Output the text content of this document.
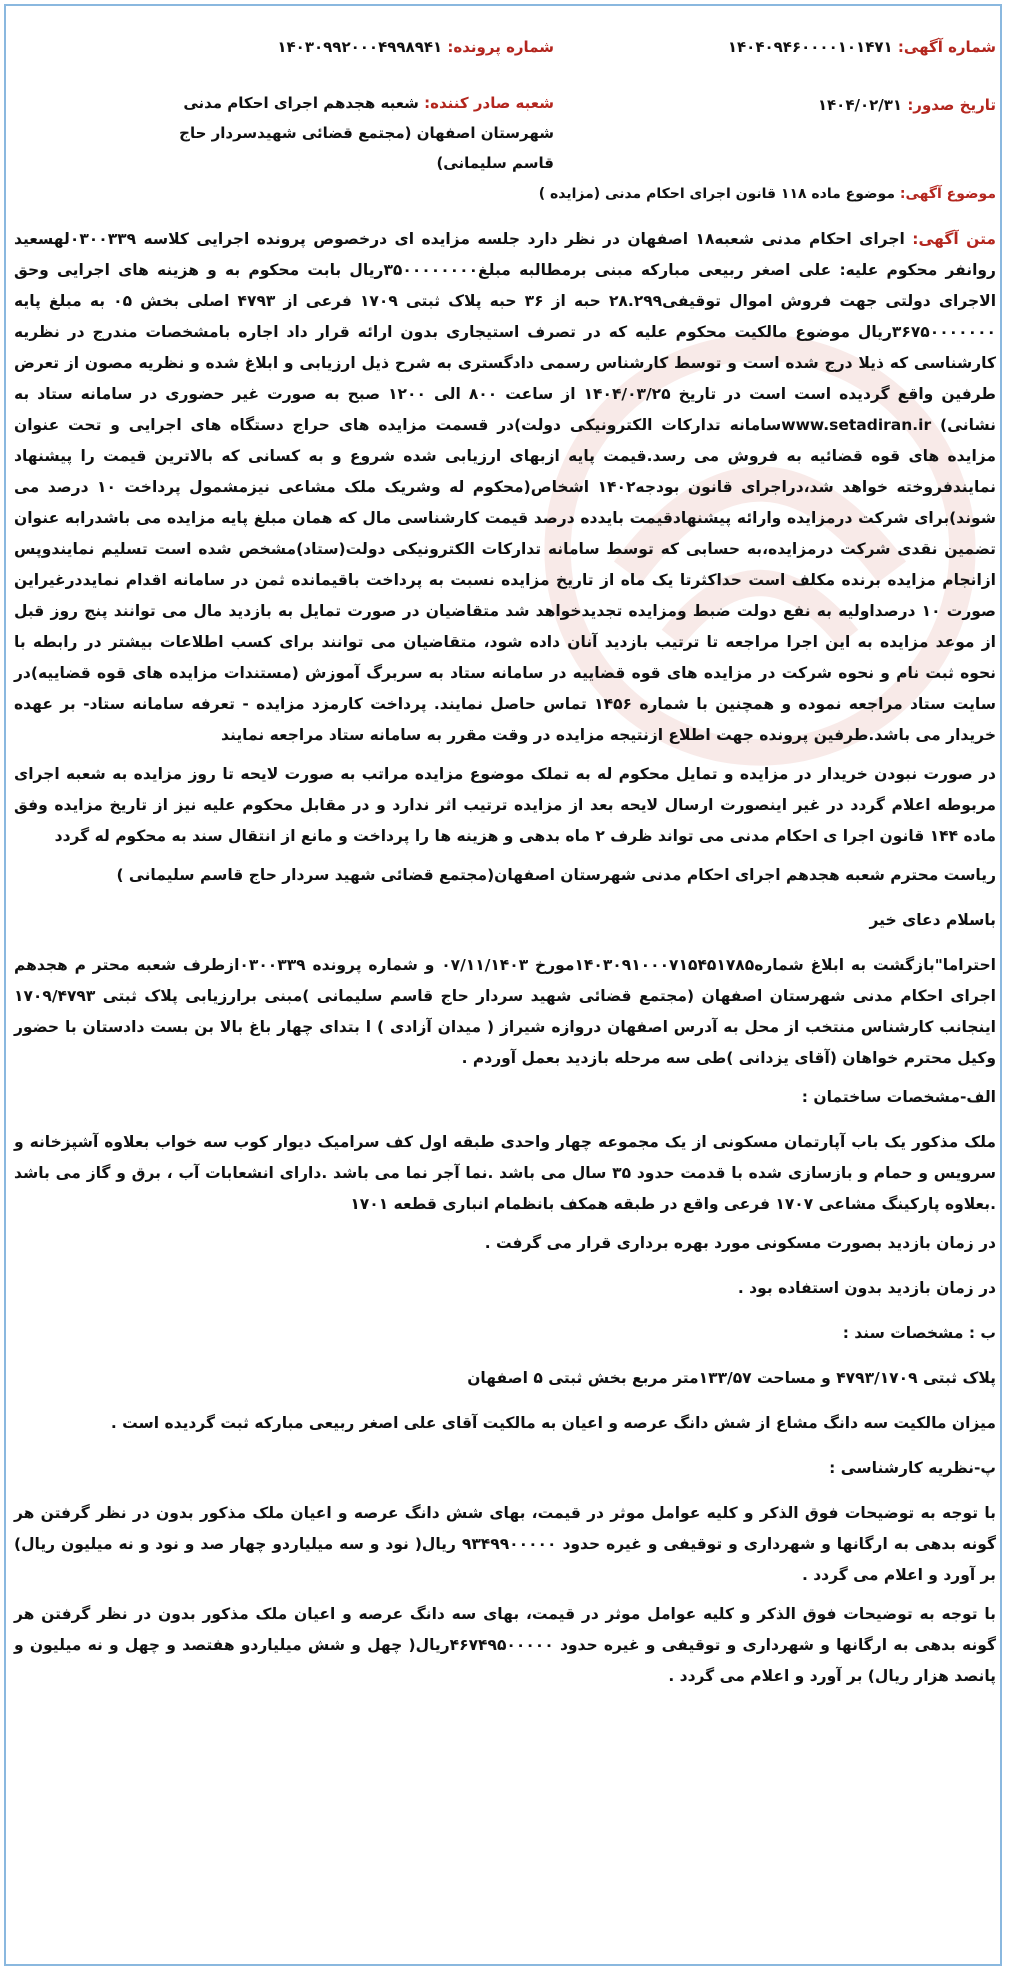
شماره آگهی: ۱۴۰۴۰۹۴۶۰۰۰۰۱۰۱۴۷۱
شماره پرونده: ۱۴۰۳۰۹۹۲۰۰۰۴۹۹۸۹۴۱
تاریخ صدور: ۱۴۰۴/۰۲/۳۱
شعبه صادر کننده: شعبه هجدهم اجرای احکام مدنی شهرستان اصفهان (مجتمع قضائی شهیدسردار حاج قاسم سلیمانی)
موضوع آگهی: موضوع ماده ۱۱۸ قانون اجرای احکام مدنی (مزایده )

متن آگهی: اجرای احکام مدنی شعبه۱۸ اصفهان در نظر دارد جلسه مزایده ای درخصوص پرونده اجرایی کلاسه ۰۳۰۰۳۳۹لهسعید روانفر محکوم علیه: علی اصغر ربیعی مبارکه مبنی برمطالبه مبلغ۳۵۰۰۰۰۰۰۰۰ریال بابت محکوم به و هزینه های اجرایی وحق الاجرای دولتی جهت فروش اموال توقیفی۲۸.۲۹۹ حبه از ۳۶ حبه پلاک ثبتی ۱۷۰۹ فرعی از ۴۷۹۳ اصلی بخش ۰۵ به مبلغ پایه ۳۶۷۵۰۰۰۰۰۰۰ریال موضوع مالکیت محکوم علیه که در تصرف استیجاری بدون ارائه قرار داد اجاره بامشخصات مندرج در نظریه کارشناسی که ذیلا درج شده است و توسط کارشناس رسمی دادگستری به شرح ذیل ارزیابی و ابلاغ شده و نظریه مصون از تعرض طرفین واقع گردیده است است در تاریخ ۱۴۰۴/۰۳/۲۵ از ساعت ۸۰۰ الی ۱۲۰۰ صبح به صورت غیر حضوری در سامانه ستاد به نشانی) www.setadiran.irسامانه تدارکات الکترونیکی دولت)در قسمت مزایده های حراج دستگاه های اجرایی و تحت عنوان مزایده های قوه قضائیه به فروش می رسد.قیمت پایه ازبهای ارزیابی شده شروع و به کسانی که بالاترین قیمت را پیشنهاد نمایندفروخته خواهد شد،دراجرای قانون بودجه۱۴۰۲ اشخاص(محکوم له وشریک ملک مشاعی نیزمشمول پرداخت ۱۰ درصد می شوند)برای شرکت درمزایده وارائه پیشنهادقیمت بایدده درصد قیمت کارشناسی مال که همان مبلغ پایه مزایده می باشدرابه عنوان تضمین نقدی شرکت درمزایده،به حسابی که توسط سامانه تدارکات الکترونیکی دولت(ستاد)مشخص شده است تسلیم نمایندوپس ازانجام مزایده برنده مکلف است حداکثرتا یک ماه از تاریخ مزایده نسبت به پرداخت باقیمانده ثمن در سامانه اقدام نمایددرغیراین صورت ۱۰ درصداولیه به نفع دولت ضبط ومزایده تجدیدخواهد شد متقاضیان در صورت تمایل به بازدید مال می توانند پنج روز قبل از موعد مزایده به این اجرا مراجعه تا ترتیب بازدید آنان داده شود، متقاضیان می توانند برای کسب اطلاعات بیشتر در رابطه با نحوه ثبت نام و نحوه شرکت در مزایده های قوه قضاییه در سامانه ستاد به سربرگ آموزش (مستندات مزایده های قوه قضاییه)در سایت ستاد مراجعه نموده و همچنین با شماره ۱۴۵۶ تماس حاصل نمایند. پرداخت کارمزد مزایده - تعرفه سامانه ستاد- بر عهده خریدار می باشد.طرفین پرونده جهت اطلاع ازنتیجه مزایده در وقت مقرر به سامانه ستاد مراجعه نمایند

در صورت نبودن خریدار در مزایده و تمایل محکوم له به تملک موضوع مزایده مراتب به صورت لایحه تا روز مزایده به شعبه اجرای مربوطه اعلام گردد در غیر اینصورت ارسال لایحه بعد از مزایده ترتیب اثر ندارد و در مقابل محکوم علیه نیز از تاریخ مزایده وفق ماده ۱۴۴ قانون اجرا ی احکام مدنی می تواند ظرف ۲ ماه بدهی و هزینه ها را پرداخت و مانع از انتقال سند به محکوم له گردد

ریاست محترم شعبه هجدهم اجرای احکام مدنی شهرستان اصفهان(مجتمع قضائی شهید سردار حاج قاسم سلیمانی )

باسلام دعای خیر

احتراما"بازگشت به ابلاغ شماره۱۴۰۳۰۹۱۰۰۰۷۱۵۴۵۱۷۸۵مورخ ۰۷/۱۱/۱۴۰۳ و شماره پرونده ۰۳۰۰۳۳۹ازطرف شعبه محتر م هجدهم اجرای احکام مدنی شهرستان اصفهان (مجتمع قضائی شهید سردار حاج قاسم سلیمانی )مبنی برارزیابی پلاک ثبتی ۱۷۰۹/۴۷۹۳ اینجانب کارشناس منتخب از محل به آدرس اصفهان دروازه شیراز ( میدان آزادی ) ا بتدای چهار باغ بالا بن بست دادستان با حضور وکیل محترم خواهان (آقای یزدانی )طی سه مرحله بازدید بعمل آوردم .

الف-مشخصات ساختمان :

ملک مذکور یک باب آپارتمان مسکونی از یک مجموعه چهار واحدی طبقه اول کف سرامیک دیوار کوب سه خواب بعلاوه آشپزخانه و سرویس و حمام و بازسازی شده با قدمت حدود ۳۵ سال می باشد .نما آجر نما می باشد .دارای انشعابات آب ، برق و گاز می باشد .بعلاوه پارکینگ مشاعی ۱۷۰۷ فرعی واقع در طبقه همکف بانظمام انباری قطعه ۱۷۰۱

در زمان بازدید بصورت مسکونی مورد بهره برداری قرار می گرفت .

در زمان بازدید بدون استفاده بود .

ب : مشخصات سند :

پلاک ثبتی ۴۷۹۳/۱۷۰۹ و مساحت ۱۳۳/۵۷متر مربع بخش ثبتی ۵ اصفهان

میزان مالکیت سه دانگ مشاع از شش دانگ عرصه و اعیان به مالکیت آقای علی اصغر ربیعی مبارکه ثبت گردیده است .

پ-نظریه کارشناسی :

با توجه به توضیحات فوق الذکر و کلیه عوامل موثر در قیمت، بهای شش دانگ عرصه و اعیان ملک مذکور بدون در نظر گرفتن هر گونه بدهی به ارگانها و شهرداری و توقیفی و غیره حدود ۹۳۴۹۹۰۰۰۰۰ ریال( نود و سه میلیاردو چهار صد و نود و نه میلیون ریال) بر آورد و اعلام می گردد .

با توجه به توضیحات فوق الذکر و کلیه عوامل موثر در قیمت، بهای سه دانگ عرصه و اعیان ملک مذکور بدون در نظر گرفتن هر گونه بدهی به ارگانها و شهرداری و توقیفی و غیره حدود ۴۶۷۴۹۵۰۰۰۰۰ریال( چهل و شش میلیاردو هفتصد و چهل و نه میلیون و پانصد هزار ریال) بر آورد و اعلام می گردد .
